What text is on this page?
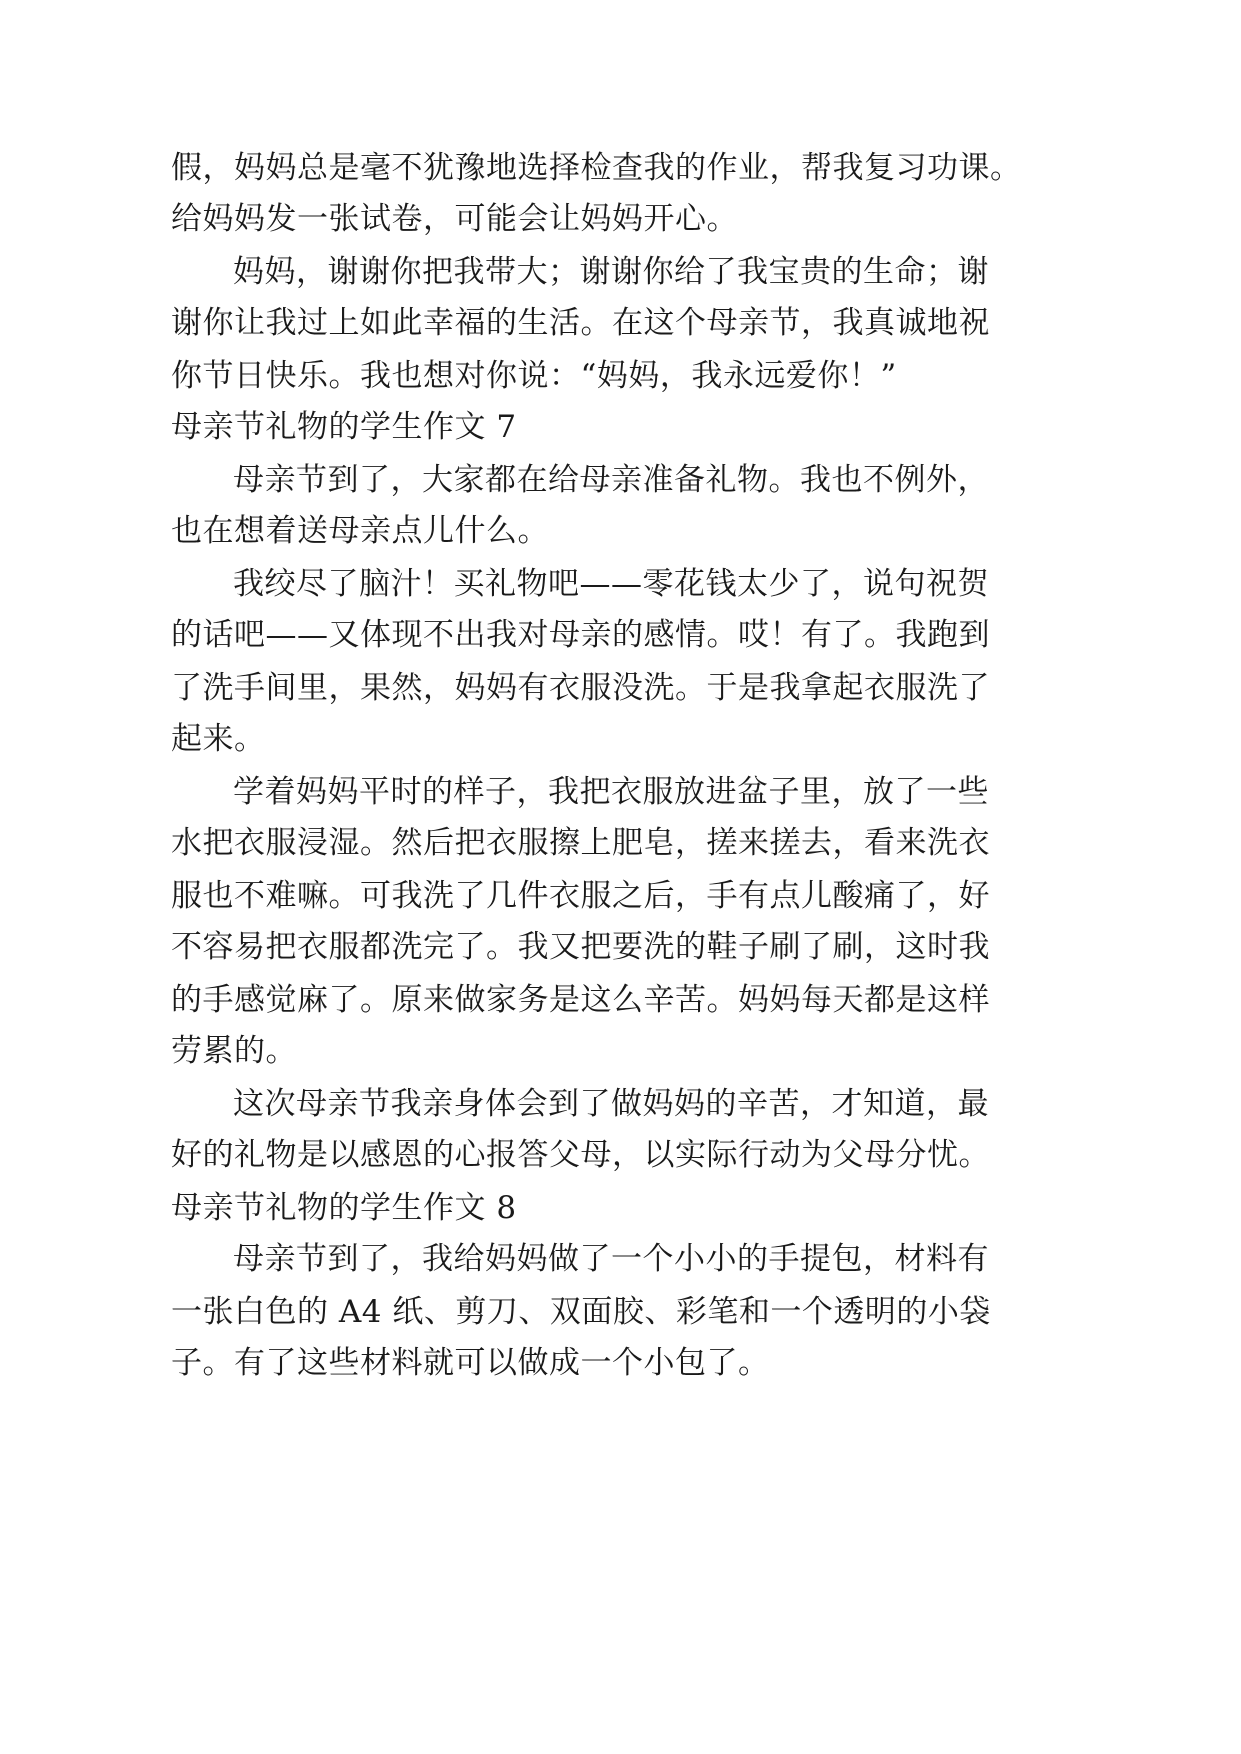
假，妈妈总是毫不犹豫地选择检查我的作业，帮我复习功课。
给妈妈发一张试卷，可能会让妈妈开心。
妈妈，谢谢你把我带大；谢谢你给了我宝贵的生命；谢
谢你让我过上如此幸福的生活。在这个母亲节，我真诚地祝
你节日快乐。我也想对你说：“妈妈，我永远爱你！”
母亲节礼物的学生作文 7
母亲节到了，大家都在给母亲准备礼物。我也不例外，
也在想着送母亲点儿什么。
我绞尽了脑汁！买礼物吧——零花钱太少了，说句祝贺
的话吧——又体现不出我对母亲的感情。哎！有了。我跑到
了洗手间里，果然，妈妈有衣服没洗。于是我拿起衣服洗了
起来。
学着妈妈平时的样子，我把衣服放进盆子里，放了一些
水把衣服浸湿。然后把衣服擦上肥皂，搓来搓去，看来洗衣
服也不难嘛。可我洗了几件衣服之后，手有点儿酸痛了，好
不容易把衣服都洗完了。我又把要洗的鞋子刷了刷，这时我
的手感觉麻了。原来做家务是这么辛苦。妈妈每天都是这样
劳累的。
这次母亲节我亲身体会到了做妈妈的辛苦，才知道，最
好的礼物是以感恩的心报答父母，以实际行动为父母分忧。
母亲节礼物的学生作文 8
母亲节到了，我给妈妈做了一个小小的手提包，材料有
一张白色的 A4 纸、剪刀、双面胶、彩笔和一个透明的小袋
子。有了这些材料就可以做成一个小包了。
